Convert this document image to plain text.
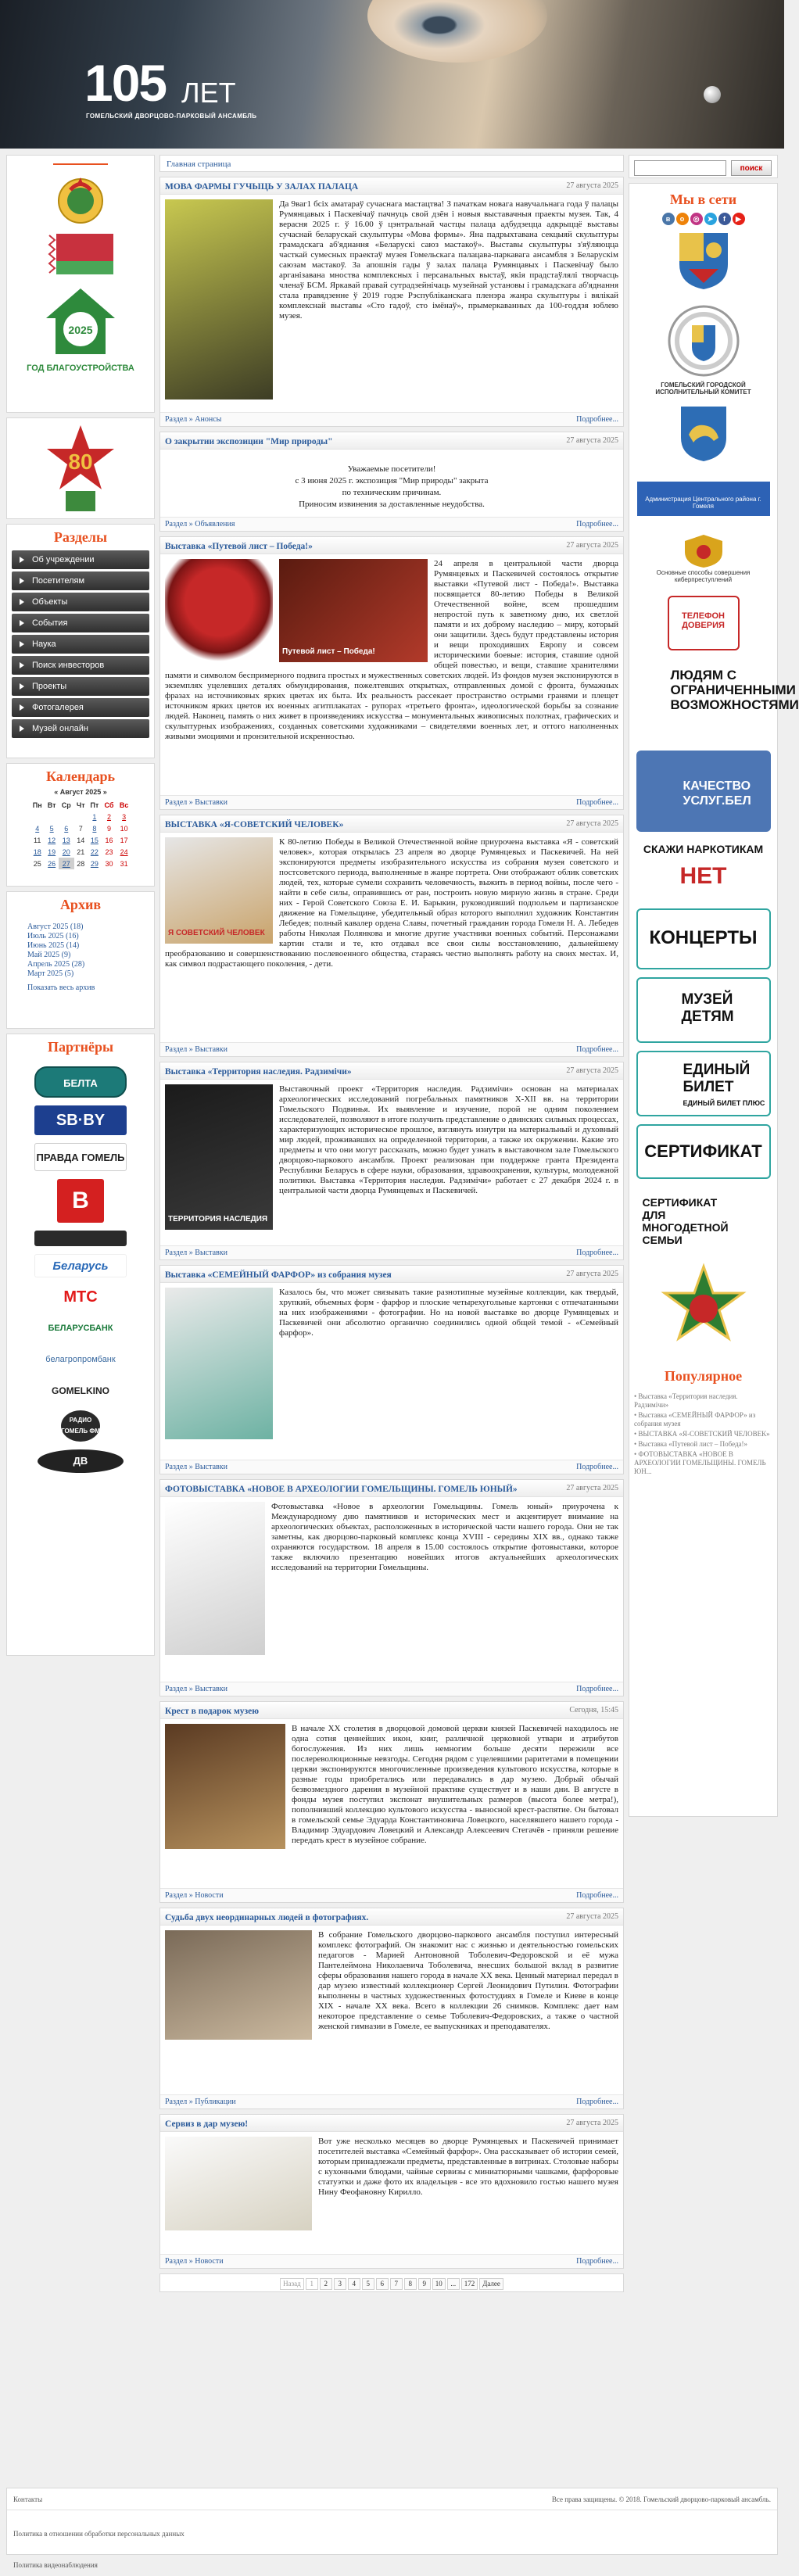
105 ЛЕТ
ГОМЕЛЬСКИЙ ДВОРЦОВО-ПАРКОВЫЙ АНСАМБЛЬ
2025
ГОД БЛАГОУСТРОЙСТВА
80
Разделы
Об учреждении
Посетителям
Объекты
События
Наука
Поиск инвесторов
Проекты
Фотогалерея
Музей онлайн
Календарь
« Август 2025 »
Пн	Вт	Ср	Чт	Пт	Сб	Вс
				1	2	3
4	5	6	7	8	9	10
11	12	13	14	15	16	17
18	19	20	21	22	23	24
25	26	27	28	29	30	31
Архив
Август 2025 (18)
Июль 2025 (16)
Июнь 2025 (14)
Май 2025 (9)
Апрель 2025 (28)
Март 2025 (5)
Показать весь архив
Партнёры
БЕЛТА
SB·BY
ПРАВДА ГОМЕЛЬ
B
Беларусь
МТС
БЕЛАРУСБАНК
белагропромбанк
GOMELKINO
РАДИО ГОМЕЛЬ ФМ
ДВ
Главная страница
МОВА ФАРМЫ ГУЧЫЦЬ У ЗАЛАХ ПАЛАЦА	27 августа 2025
Да 9ваг1 бсiх аматараў сучаснага мастацтва! З пачаткам новага навучальнага года ў палацы Румянцавых і Паскевічаў пачнуць свой дзён і новыя выставачныя праекты музея. Так, 4 верасня 2025 г. ў 16.00 ў цэнтральнай частцы палаца адбудзецца адкрыццё выставы сучаснай беларускай скульптуры «Мова формы». Яна падрыхтавана секцыяй скульптуры грамадскага аб'яднання «Беларускі саюз мастакоў». Выставы скульптуры з'яўляюцца часткай сумесных праектаў музея Гомельскага палацава-паркавага ансамбля з Беларускім саюзам мастакоў. За апошнія гады ў залах палаца Румянцавых і Паскевічаў было арганізавана мноства комплексных і персанальных выстаў, якія прадстаўлялі творчасць членаў БСМ. Яркавай правай сутрадзейнічаць музейнай установы і грамадскага аб'яднання стала правядзенне ў 2019 годзе Рэспубліканскага пленэра жанра скульптуры і вялікай комплекснай выставы «Сто гадоў, сто імёнаў», прымеркаванных да 100-годдзя юблею музея.
Раздел » Анонсы	Подробнее...
О закрытии экспозиции "Мир природы"	27 августа 2025
Уважаемые посетители!
с 3 июня 2025 г. экспозиция "Мир природы" закрыта
по техническим причинам.
Приносим извинения за доставленные неудобства.
Раздел » Объявления	Подробнее...
Выставка «Путевой лист – Победа!»	27 августа 2025
Путевой лист – Победа!
24 апреля в центральной части дворца Румянцевых и Паскевичей состоялось открытие выставки «Путевой лист - Победа!». Выставка посвящается 80-летию Победы в Великой Отечественной войне, всем прошедшим непростой путь к заветному дню, их светлой памяти и их доброму наследию – миру, который они защитили. Здесь будут представлены история и вещи проходивших Европу и совсем историческими боевые: история, ставшие одной общей повестью, и вещи, ставшие хранителями памяти и символом беспримерного подвига простых и мужественных советских людей. Из фондов музея экспонируются в экземплях уцелевших деталях обмундирования, пожелтевших открытках, отправленных домой с фронта, бумажных фразах на источниковых ярких цветах их быта. Их реальность рассекает пространство острыми гранями и плещет источником ярких цветов их военных агитплакатах - рупорах «третьего фронта», идеологической борьбы за сознание людей. Наконец, память о них живет в произведениях искусства – монументальных живописных полотнах, графических и скульптурных изображениях, созданных советскими художниками – свидетелями военных лет, и оттого наполненных живыми эмоциями и пронзительной искренностью.
Раздел » Выставки	Подробнее...
ВЫСТАВКА «Я-СОВЕТСКИЙ ЧЕЛОВЕК»	27 августа 2025
Я СОВЕТСКИЙ ЧЕЛОВЕК
К 80-летию Победы в Великой Отечественной войне приурочена выставка «Я - советский человек», которая открылась 23 апреля во дворце Румянцевых и Паскевичей. На ней экспонируются предметы изобразительного искусства из собрания музея советского и постсоветского периода, выполненные в жанре портрета. Они отображают облик советских людей, тех, которые сумели сохранить человечность, выжить в период войны, после чего - найти в себе силы, оправившись от ран, построить новую мирную жизнь в стране. Среди них - Герой Советского Союза Е. И. Барыкин, руководивший подпольем и партизанское движение на Гомельщине, убедительный образ которого выполнил художник Константин Лебедев; полный кавалер ордена Славы, почетный гражданин города Гомеля Н. А. Лебедев работы Николая Полянкова и многие другие участники военных событий. Персонажами картин стали и те, кто отдавал все свои силы восстановлению, дальнейшему преобразованию и совершенствованию послевоенного общества, стараясь честно выполнять работу на своих местах. И, как символ подрастающего поколения, - дети.
Раздел » Выставки	Подробнее...
Выставка «Территория наследия. Радзимічи»	27 августа 2025
ТЕРРИТОРИЯ НАСЛЕДИЯ
Выставочный проект «Территория наследия. Радзимічи» основан на материалах археологических исследований погребальных памятников Х-XII вв. на территории Гомельского Подвинья. Их выявление и изучение, порой не одним поколением исследователей, позволяют в итоге получить представление о двинских сильных процессах, характеризующих историческое прошлое, взглянуть изнутри на материальный и духовный мир людей, проживавших на определенной территории, а также их окружении. Какие это предметы и что они могут рассказать, можно будет узнать в выставочном зале Гомельского дворцово-паркового ансамбля. Проект реализован при поддержке гранта Президента Республики Беларусь в сфере науки, образования, здравоохранения, культуры, молодежной политики. Выставка «Территория наследия. Радзимічи» работает с 27 декабря 2024 г. в центральной части дворца Румянцевых и Паскевичей.
Раздел » Выставки	Подробнее...
Выставка «СЕМЕЙНЫЙ ФАРФОР» из собрания музея	27 августа 2025
Казалось бы, что может связывать такие разнотипные музейные коллекции, как твердый, хрупкий, объемных форм - фарфор и плоские четырехугольные картонки с отпечатанными на них изображениями - фотографии. Но на новой выставке во дворце Румянцевых и Паскевичей они абсолютно органично соединились одной общей темой - «Семейный фарфор».
Раздел » Выставки	Подробнее...
ФОТОВЫСТАВКА «НОВОЕ В АРХЕОЛОГИИ ГОМЕЛЬЩИНЫ. ГОМЕЛЬ ЮНЫЙ»	27 августа 2025
Фотовыставка «Новое в археологии Гомельщины. Гомель юный» приурочена к Международному дню памятников и исторических мест и акцентирует внимание на археологических объектах, расположенных в исторической части нашего города. Они не так заметны, как дворцово-парковый комплекс конца XVIII - середины XIX вв., однако также охраняются государством. 18 апреля в 15.00 состоялось открытие фотовыставки, которое также включило презентацию новейших итогов актуальнейших археологических исследований на территории Гомельщины.
Раздел » Выставки	Подробнее...
Крест в подарок музею	Сегодня, 15:45
В начале ХХ столетия в дворцовой домовой церкви князей Паскевичей находилось не одна сотня ценнейших икон, книг, различной церковной утвари и атрибутов богослужения. Из них лишь немногим больше десяти пережили все послереволюционные невзгоды. Сегодня рядом с уцелевшими раритетами в помещении церкви экспонируются многочисленные произведения культового искусства, которые в разные годы приобретались или передавались в дар музею. Добрый обычай безвозмездного дарения в музейной практике существует и в наши дни. В августе в фонды музея поступил экспонат внушительных размеров (высота более метра!), пополнивший коллекцию культового искусства - выносной крест-распятие. Он бытовал в гомельской семье Эдуарда Константиновича Ловецкого, населявшего нашего города - Владимир Эдуардович Ловецкий и Александр Алексеевич Стегачёв - приняли решение передать крест в музейное собрание.
Раздел » Новости	Подробнее...
Судьба двух неординарных людей в фотографиях.	27 августа 2025
В собрание Гомельского дворцово-паркового ансамбля поступил интересный комплекс фотографий. Он знакомит нас с жизнью и деятельностью гомельских педагогов - Марией Антоновной Тоболевич-Федоровской и её мужа Пантелеймона Николаевича Тоболевича, внесших большой вклад в развитие сферы образования нашего города в начале ХХ века. Ценный материал передал в дар музею известный коллекционер Сергей Леонидович Путилин. Фотографии выполнены в частных художественных фотостудиях в Гомеле и Киеве в конце XIX - начале ХХ века. Всего в коллекции 26 снимков. Комплекс дает нам некоторое представление о семье Тоболевич-Федоровских, а также о частной женской гимназии в Гомеле, ее выпускниках и преподавателях.
Раздел » Публикации	Подробнее...
Сервиз в дар музею!	27 августа 2025
Вот уже несколько месяцев во дворце Румянцевых и Паскевичей принимает посетителей выставка «Семейный фарфор». Она рассказывает об истории семей, которым принадлежали предметы, представленные в витринах. Столовые наборы с кухонными блюдами, чайные сервизы с миниатюрными чашками, фарфоровые статуэтки и даже фото их владельцев - все это вдохновило гостью нашего музея Нину Феофановну Кирилло.
Раздел » Новости	Подробнее...
Назад 1 2 3 4 5 6 7 8 9 10 ... 172 Далее
поиск
Мы в сети
в о ◎ ➤ f ▶
ГОМЕЛЬСКИЙ ГОРОДСКОЙ ИСПОЛНИТЕЛЬНЫЙ КОМИТЕТ
Администрация Центрального района г. Гомеля
Основные способы совершения киберпреступлений
ТЕЛЕФОН ДОВЕРИЯ
ЛЮДЯМ С ОГРАНИЧЕННЫМИ ВОЗМОЖНОСТЯМИ
КАЧЕСТВО УСЛУГ.БЕЛ
СКАЖИ НАРКОТИКАМ
НЕТ
КОНЦЕРТЫ
МУЗЕЙ ДЕТЯМ
ЕДИНЫЙ БИЛЕТ
ЕДИНЫЙ БИЛЕТ ПЛЮС
СЕРТИФИКАТ
СЕРТИФИКАТ ДЛЯ МНОГОДЕТНОЙ СЕМЬИ
Популярное
• Выставка «Территория наследия. Радзимічи»
• Выставка «СЕМЕЙНЫЙ ФАРФОР» из собрания музея
• ВЫСТАВКА «Я-СОВЕТСКИЙ ЧЕЛОВЕК»
• Выставка «Путевой лист – Победа!»
• ФОТОВЫСТАВКА «НОВОЕ В АРХЕОЛОГИИ ГОМЕЛЬЩИНЫ. ГОМЕЛЬ ЮН...
Контакты	Все права защищены. © 2018. Гомельский дворцово-парковый ансамбль.
Политика в отношении обработки персональных данных
Политика видеонаблюдения
